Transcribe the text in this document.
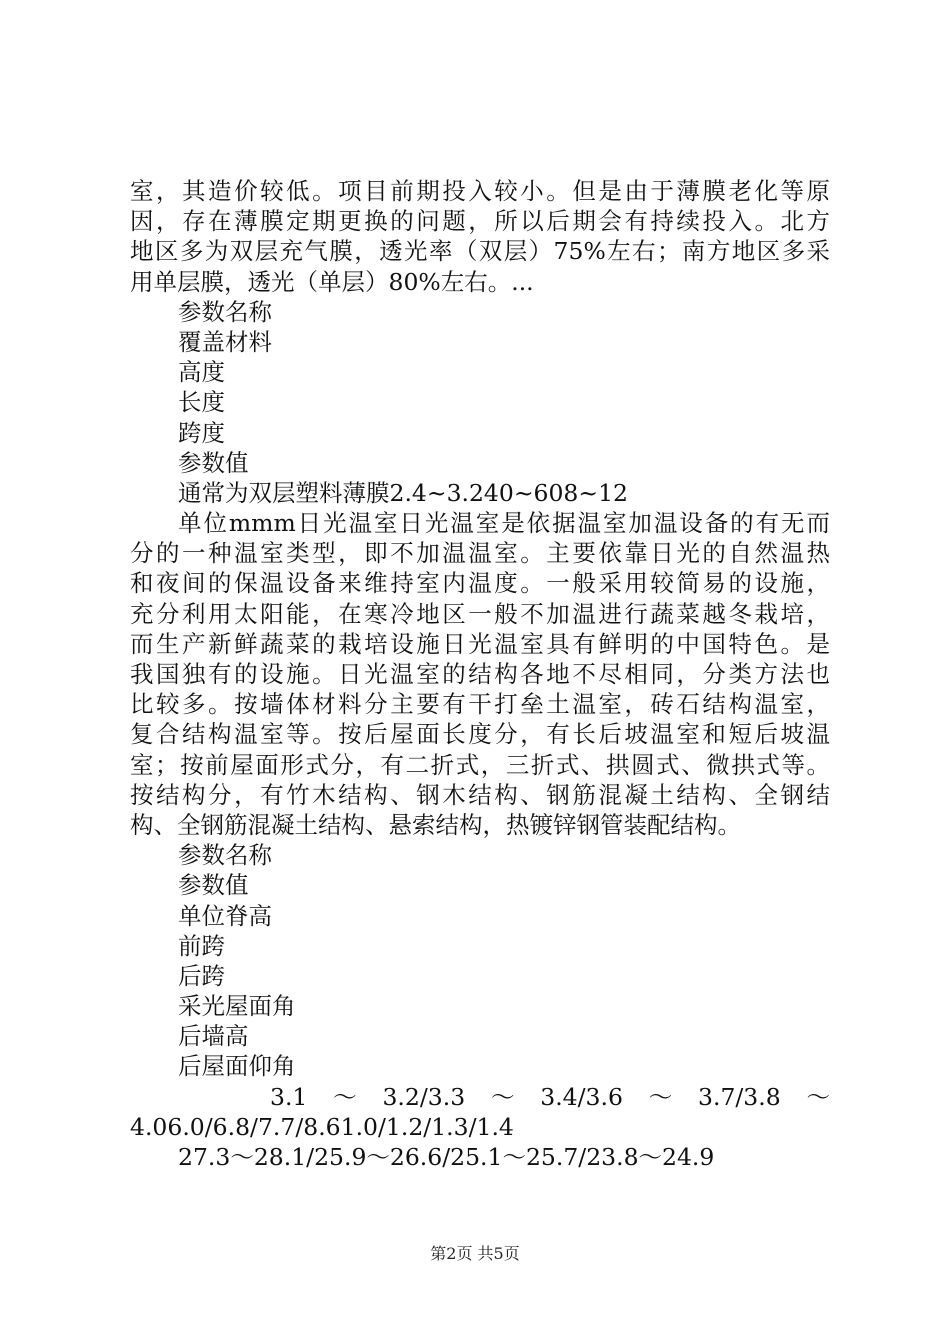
室，其造价较低。项目前期投入较小。但是由于薄膜老化等原
因，存在薄膜定期更换的问题，所以后期会有持续投入。北方
地区多为双层充气膜，透光率（双层）75%左右；南方地区多采
用单层膜，透光（单层）80%左右。...
参数名称
覆盖材料
高度
长度
跨度
参数值
通常为双层塑料薄膜2.4~3.240~608~12
单位mmm日光温室日光温室是依据温室加温设备的有无而
分的一种温室类型，即不加温温室。主要依靠日光的自然温热
和夜间的保温设备来维持室内温度。一般采用较简易的设施，
充分利用太阳能，在寒冷地区一般不加温进行蔬菜越冬栽培，
而生产新鲜蔬菜的栽培设施日光温室具有鲜明的中国特色。是
我国独有的设施。日光温室的结构各地不尽相同，分类方法也
比较多。按墙体材料分主要有干打垒土温室，砖石结构温室，
复合结构温室等。按后屋面长度分，有长后坡温室和短后坡温
室；按前屋面形式分，有二折式，三折式、拱圆式、微拱式等。
按结构分，有竹木结构、钢木结构、钢筋混凝土结构、全钢结
构、全钢筋混凝土结构、悬索结构，热镀锌钢管装配结构。
参数名称
参数值
单位脊高
前跨
后跨
采光屋面角
后墙高
后屋面仰角
3.1　～　3.2/3.3　～　3.4/3.6　～　3.7/3.8　～
4.06.0/6.8/7.7/8.61.0/1.2/1.3/1.4
27.3～28.1/25.9～26.6/25.1～25.7/23.8～24.9
第2页 共5页
